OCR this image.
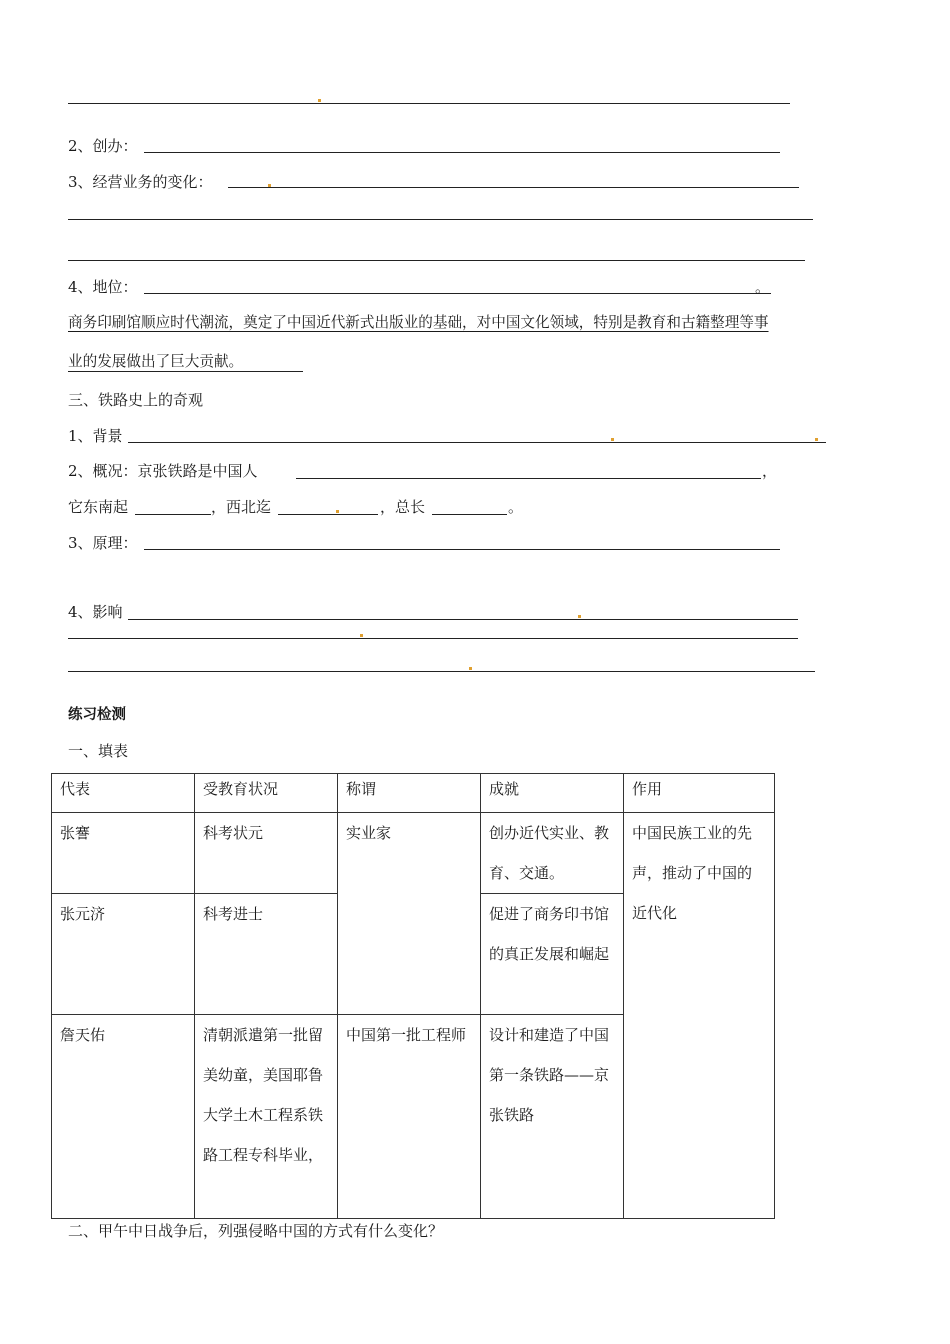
2、创办：
3、经营业务的变化：
4、地位：	。
商务印刷馆顺应时代潮流，奠定了中国近代新式出版业的基础，对中国文化领域，特别是教育和古籍整理等事
业的发展做出了巨大贡献。
三、铁路史上的奇观
1、背景
2、概况：京张铁路是中国人	，
它东南起	，西北迄	，总长	。
3、原理：
4、影响
练习检测
一、填表
代表	受教育状况	称谓	成就	作用

张謇	科考状元	实业家	创办近代实业、教育、交通。	中国民族工业的先声，推动了中国的近代化

张元济	科考进士		促进了商务印书馆的真正发展和崛起	

詹天佑	清朝派遣第一批留美幼童，美国耶鲁大学土木工程系铁路工程专科毕业，	中国第一批工程师	设计和建造了中国第一条铁路——京张铁路	
二、甲午中日战争后，列强侵略中国的方式有什么变化？
